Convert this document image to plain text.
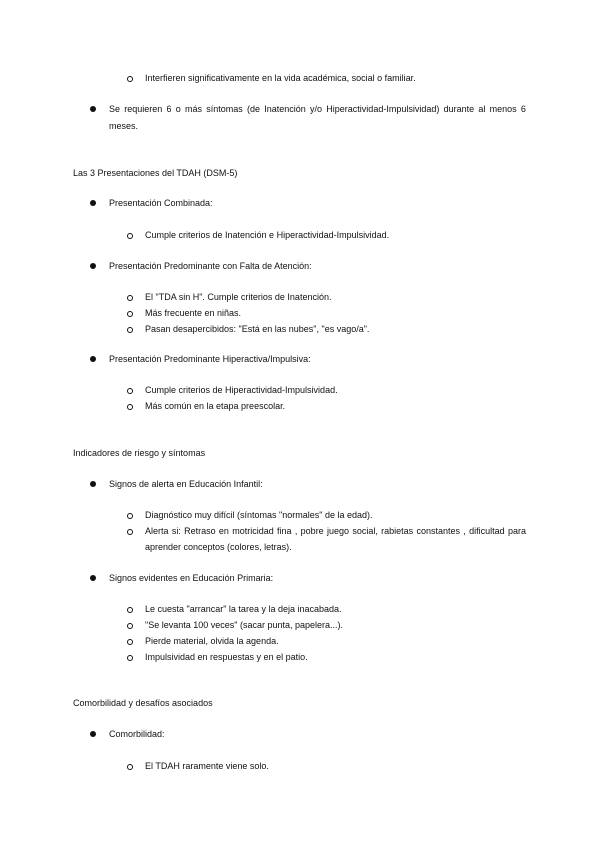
Interfieren significativamente en la vida académica, social o familiar.
Se requieren 6 o más síntomas (de Inatención y/o Hiperactividad-Impulsividad) durante al menos 6
meses.
Las 3 Presentaciones del TDAH (DSM-5)
Presentación Combinada:
Cumple criterios de Inatención e Hiperactividad-Impulsividad.
Presentación Predominante con Falta de Atención:
El "TDA sin H". Cumple criterios de Inatención.
Más frecuente en niñas.
Pasan desapercibidos: "Está en las nubes", "es vago/a".
Presentación Predominante Hiperactiva/Impulsiva:
Cumple criterios de Hiperactividad-Impulsividad.
Más común en la etapa preescolar.
Indicadores de riesgo y síntomas
Signos de alerta en Educación Infantil:
Diagnóstico muy difícil (síntomas "normales" de la edad).
Alerta si: Retraso en motricidad fina , pobre juego social, rabietas constantes , dificultad para
aprender conceptos (colores, letras).
Signos evidentes en Educación Primaria:
Le cuesta "arrancar" la tarea y la deja inacabada.
"Se levanta 100 veces" (sacar punta, papelera...).
Pierde material, olvida la agenda.
Impulsividad en respuestas y en el patio.
Comorbilidad y desafíos asociados
Comorbilidad:
El TDAH raramente viene solo.
